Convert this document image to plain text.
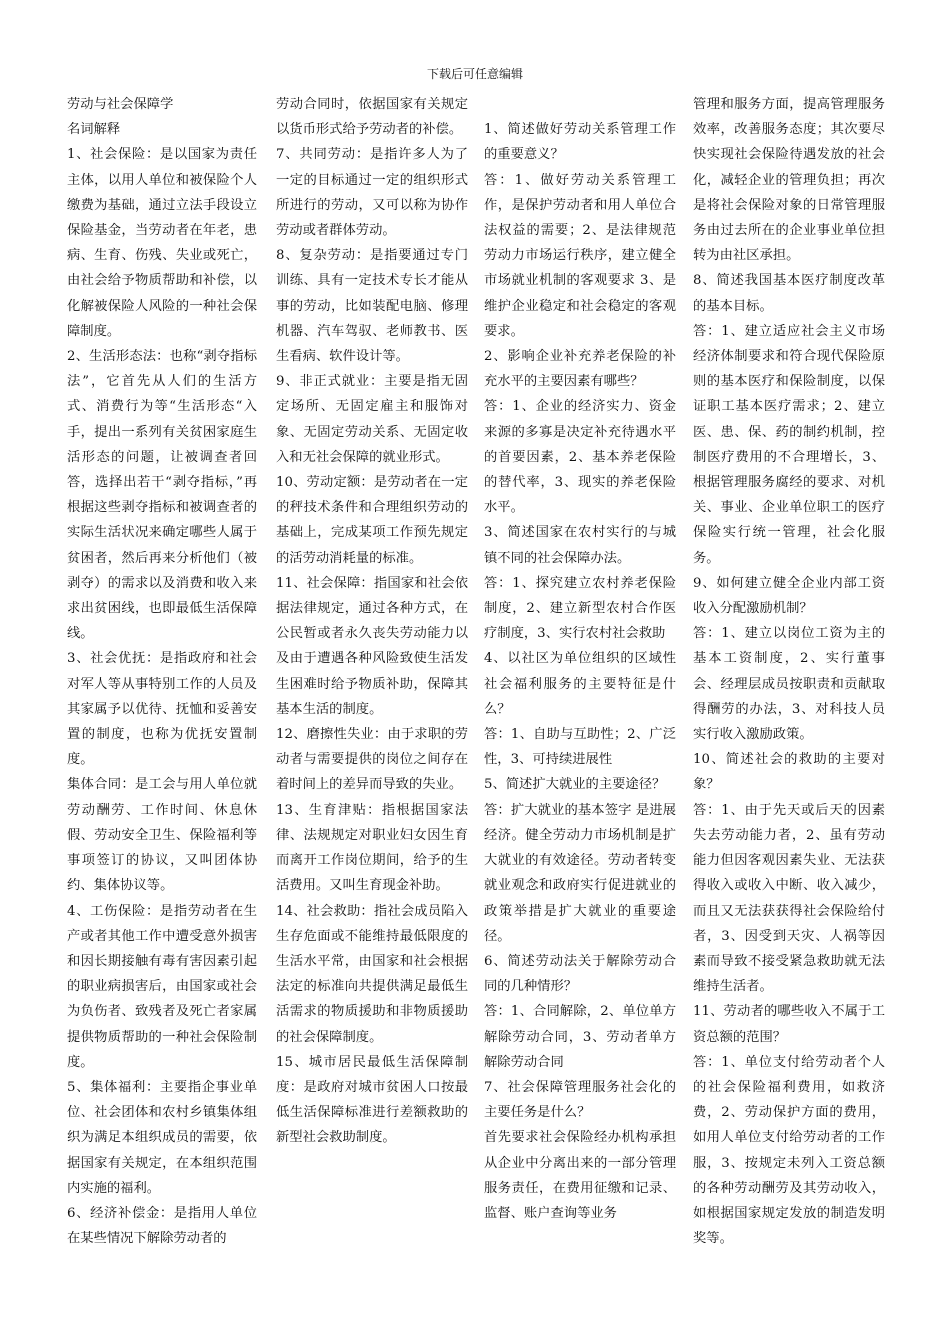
下载后可任意编辑

劳动与社会保障学

名词解释

1、社会保险：是以国家为责任主体，以用人单位和被保险个人缴费为基础，通过立法手段设立保险基金，当劳动者在年老，患病、生育、伤残、失业或死亡，由社会给予物质帮助和补偿，以化解被保险人风险的一种社会保障制度。

2、生活形态法：也称“剥夺指标法”，它首先从人们的生活方式、消费行为等“生活形态“入手，提出一系列有关贫困家庭生活形态的问题，让被调查者回答，选择出若干“剥夺指标，”再根据这些剥夺指标和被调查者的实际生活状况来确定哪些人属于贫困者，然后再来分析他们（被剥夺）的需求以及消费和收入来求出贫困线，也即最低生活保障线。

3、社会优抚：是指政府和社会对军人等从事特别工作的人员及其家属予以优待、抚恤和妥善安置的制度，也称为优抚安置制度。

集体合同：是工会与用人单位就劳动酬劳、工作时间、休息休假、劳动安全卫生、保险福利等事项签订的协议，又叫团体协约、集体协议等。

4、工伤保险：是指劳动者在生产或者其他工作中遭受意外损害和因长期接触有毒有害因素引起的职业病损害后，由国家或社会为负伤者、致残者及死亡者家属提供物质帮助的一种社会保险制度。

5、集体福利：主要指企事业单位、社会团体和农村乡镇集体组织为满足本组织成员的需要，依据国家有关规定，在本组织范围内实施的福利。

6、经济补偿金：是指用人单位在某些情况下解除劳动者的

劳动合同时，依据国家有关规定以货币形式给予劳动者的补偿。

7、共同劳动：是指许多人为了一定的目标通过一定的组织形式所进行的劳动，又可以称为协作劳动或者群体劳动。

8、复杂劳动：是指要通过专门训练、具有一定技术专长才能从事的劳动，比如装配电脑、修理机器、汽车驾驭、老师教书、医生看病、软件设计等。

9、非正式就业：主要是指无固定场所、无固定雇主和服饰对象、无固定劳动关系、无固定收入和无社会保障的就业形式。

10、劳动定额：是劳动者在一定的秤技术条件和合理组织劳动的基础上，完成某项工作预先规定的活劳动消耗量的标准。

11、社会保障：指国家和社会依据法律规定，通过各种方式，在公民暂或者永久丧失劳动能力以及由于遭遇各种风险致使生活发生困难时给予物质补助，保障其基本生活的制度。

12、磨擦性失业：由于求职的劳动者与需要提供的岗位之间存在着时间上的差异而导致的失业。

13、生育津贴：指根据国家法律、法规规定对职业妇女因生育而离开工作岗位期间，给予的生活费用。又叫生育现金补助。

14、社会救助：指社会成员陷入生存危面或不能维持最低限度的生活水平常，由国家和社会根据法定的标准向共提供满足最低生活需求的物质援助和非物质援助的社会保障制度。

15、城市居民最低生活保障制度：是政府对城市贫困人口按最低生活保障标准进行差额救助的新型社会救助制度。

1、简述做好劳动关系管理工作的重要意义？

答：1、做好劳动关系管理工作，是保护劳动者和用人单位合法权益的需要；2、是法律规范劳动力市场运行秩序，建立健全市场就业机制的客观要求 3、是维护企业稳定和社会稳定的客观要求。

2、影响企业补充养老保险的补充水平的主要因素有哪些？

答：1、企业的经济实力、资金来源的多寡是决定补充待遇水平的首要因素，2、基本养老保险的替代率，3、现实的养老保险水平。

3、简述国家在农村实行的与城镇不同的社会保障办法。

答：1、探究建立农村养老保险制度，2、建立新型农村合作医疗制度，3、实行农村社会救助

4、以社区为单位组织的区域性社会福利服务的主要特征是什么？

答：1、自助与互助性；2、广泛性，3、可持续进展性

5、简述扩大就业的主要途径？

答：扩大就业的基本签字 是进展经济。健全劳动力市场机制是扩大就业的有效途径。劳动者转变就业观念和政府实行促进就业的政策举措是扩大就业的重要途径。

6、简述劳动法关于解除劳动合同的几种情形？

答：1、合同解除，2、单位单方解除劳动合同，3、劳动者单方解除劳动合同

7、社会保障管理服务社会化的主要任务是什么？

首先要求社会保险经办机构承担从企业中分离出来的一部分管理服务责任，在费用征缴和记录、监督、账户查询等业务

管理和服务方面，提高管理服务效率，改善服务态度；其次要尽快实现社会保险待遇发放的社会化，减轻企业的管理负担；再次是将社会保险对象的日常管理服务由过去所在的企业事业单位担转为由社区承担。

8、简述我国基本医疗制度改革的基本目标。

答：1、建立适应社会主义市场经济体制要求和符合现代保险原则的基本医疗和保险制度，以保证职工基本医疗需求；2、建立医、患、保、药的制约机制，控制医疗费用的不合理增长，3、根据管理服务腐经的要求、对机关、事业、企业单位职工的医疗保险实行统一管理，社会化服务。

9、如何建立健全企业内部工资收入分配激励机制？

答：1、建立以岗位工资为主的基本工资制度，2、实行董事会、经理层成员按职责和贡献取得酬劳的办法，3、对科技人员实行收入激励政策。

10、简述社会的救助的主要对象？

答：1、由于先天或后天的因素失去劳动能力者，2、虽有劳动能力但因客观因素失业、无法获得收入或收入中断、收入减少，而且又无法获获得社会保险给付者，3、因受到天灾、人祸等因素而导致不接受紧急救助就无法维持生活者。

11、劳动者的哪些收入不属于工资总额的范围？

答：1、单位支付给劳动者个人的社会保险福利费用，如救济费，2、劳动保护方面的费用，如用人单位支付给劳动者的工作服，3、按规定未列入工资总额的各种劳动酬劳及其劳动收入，如根据国家规定发放的制造发明奖等。
